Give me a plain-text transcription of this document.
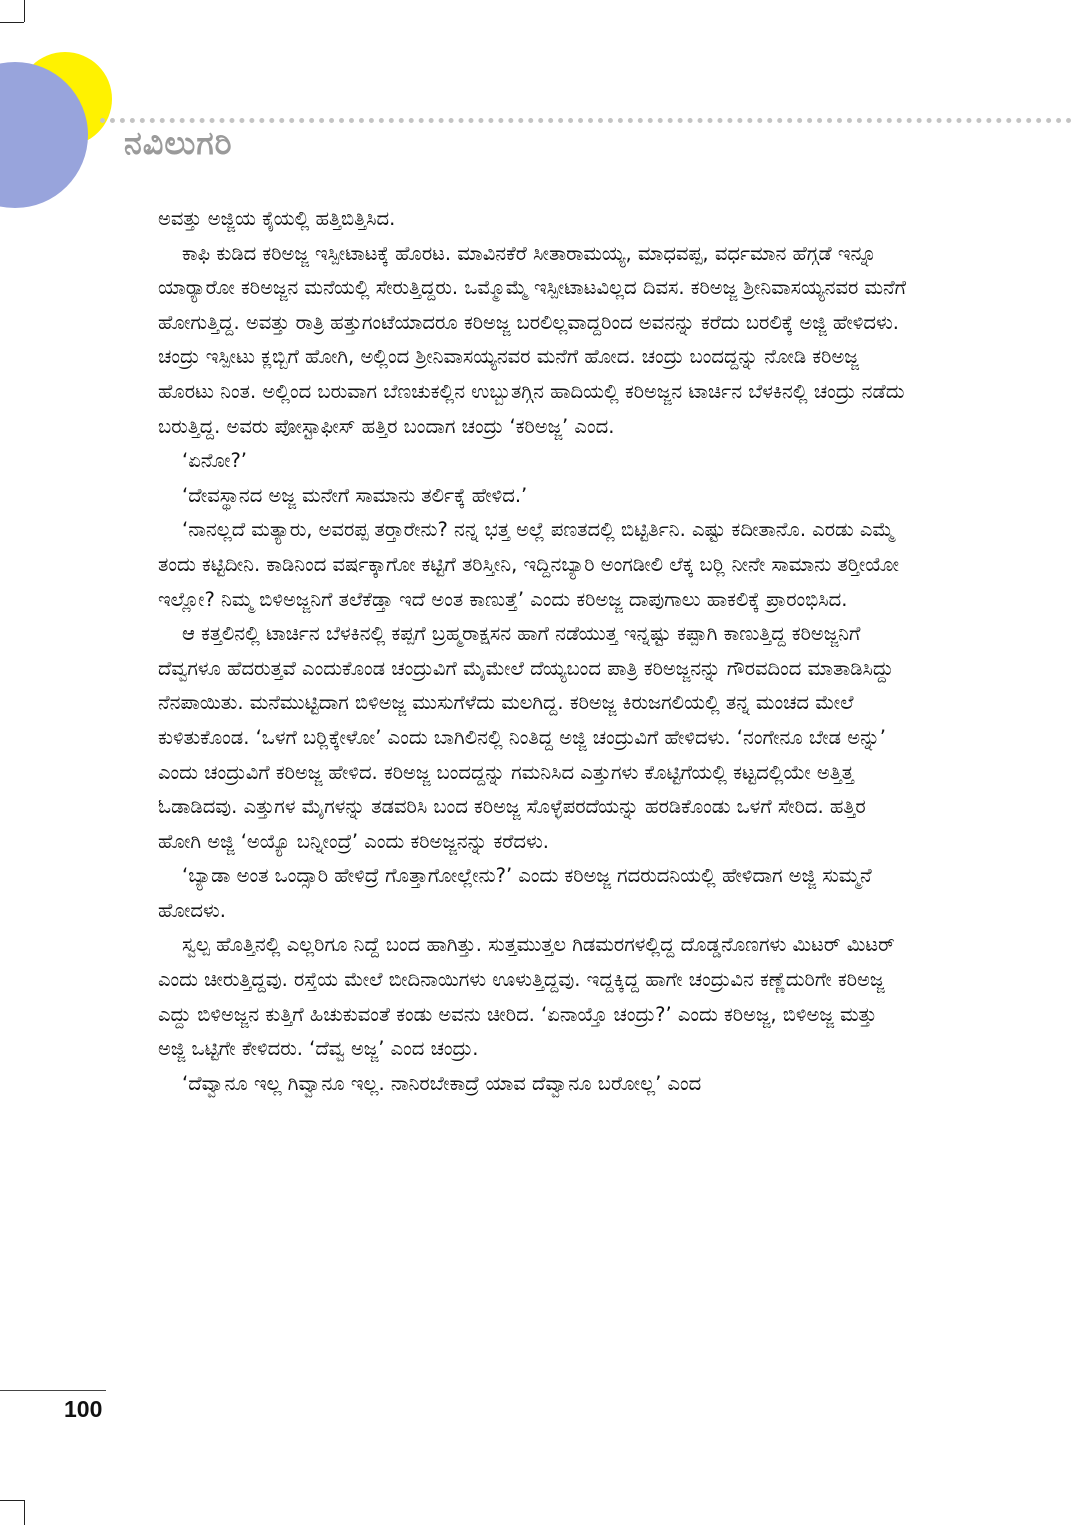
ನವಿಲುಗರಿ

ಅವತ್ತು ಅಜ್ಜಿಯ ಕೈಯಲ್ಲಿ ಹತ್ತಿಬಿತ್ತಿಸಿದ.

ಕಾಫಿ ಕುಡಿದ ಕರಿಅಜ್ಜ ಇಸ್ಪೀಟಾಟಕ್ಕೆ ಹೊರಟ. ಮಾವಿನಕೆರೆ ಸೀತಾರಾಮಯ್ಯ, ಮಾಧವಪ್ಪ, ವರ್ಧಮಾನ ಹೆಗ್ಗಡೆ ಇನ್ನೂ ಯಾರ್‍ಯಾರೋ ಕರಿಅಜ್ಜನ ಮನೆಯಲ್ಲಿ ಸೇರುತ್ತಿದ್ದರು. ಒಮ್ಮೊಮ್ಮೆ ಇಸ್ಪೀಟಾಟವಿಲ್ಲದ ದಿವಸ. ಕರಿಅಜ್ಜ ಶ್ರೀನಿವಾಸಯ್ಯನವರ ಮನೆಗೆ ಹೋಗುತ್ತಿದ್ದ. ಅವತ್ತು ರಾತ್ರಿ ಹತ್ತುಗಂಟೆಯಾದರೂ ಕರಿಅಜ್ಜ ಬರಲಿಲ್ಲವಾದ್ದರಿಂದ ಅವನನ್ನು ಕರೆದು ಬರಲಿಕ್ಕೆ ಅಜ್ಜಿ ಹೇಳಿದಳು. ಚಂದ್ರು ಇಸ್ಪೀಟು ಕ್ಲಬ್ಬಿಗೆ ಹೋಗಿ, ಅಲ್ಲಿಂದ ಶ್ರೀನಿವಾಸಯ್ಯನವರ ಮನೆಗೆ ಹೋದ. ಚಂದ್ರು ಬಂದದ್ದನ್ನು ನೋಡಿ ಕರಿಅಜ್ಜ ಹೊರಟು ನಿಂತ. ಅಲ್ಲಿಂದ ಬರುವಾಗ ಬೆಣಚುಕಲ್ಲಿನ ಉಬ್ಬುತಗ್ಗಿನ ಹಾದಿಯಲ್ಲಿ ಕರಿಅಜ್ಜನ ಟಾರ್ಚಿನ ಬೆಳಕಿನಲ್ಲಿ ಚಂದ್ರು ನಡೆದು ಬರುತ್ತಿದ್ದ. ಅವರು ಪೋಸ್ಟಾಫೀಸ್ ಹತ್ತಿರ ಬಂದಾಗ ಚಂದ್ರು ‘ಕರಿಅಜ್ಜ’ ಎಂದ.

‘ಏನೋ?’

‘ದೇವಸ್ಥಾನದ ಅಜ್ಜ ಮನೇಗೆ ಸಾಮಾನು ತರ್ಲಿಕ್ಕೆ ಹೇಳಿದ.’

‘ನಾನಲ್ಲದೆ ಮತ್ಯಾರು, ಅವರಪ್ಪ ತರ್‍ತಾರೇನು? ನನ್ನ ಭತ್ತ ಅಲ್ಲೆ ಪಣತದಲ್ಲಿ ಬಿಟ್ಟಿರ್ತಿನಿ. ಎಷ್ಟು ಕದೀತಾನೊ. ಎರಡು ಎಮ್ಮೆ ತಂದು ಕಟ್ಟಿದೀನಿ. ಕಾಡಿನಿಂದ ವರ್ಷಕ್ಕಾಗೋ ಕಟ್ಟಿಗೆ ತರಿಸ್ತೀನಿ, ಇದ್ದಿನಬ್ಯಾರಿ ಅಂಗಡೀಲಿ ಲೆಕ್ಕ ಬರ್‍ಲಿ ನೀನೇ ಸಾಮಾನು ತರ್‍ತೀಯೋ ಇಲ್ಲೋ? ನಿಮ್ಮ ಬಿಳಿಅಜ್ಜನಿಗೆ ತಲೆಕೆಡ್ತಾ ಇದೆ ಅಂತ ಕಾಣುತ್ತೆ’ ಎಂದು ಕರಿಅಜ್ಜ ದಾಪುಗಾಲು ಹಾಕಲಿಕ್ಕೆ ಪ್ರಾರಂಭಿಸಿದ.

ಆ ಕತ್ತಲಿನಲ್ಲಿ ಟಾರ್ಚಿನ ಬೆಳಕಿನಲ್ಲಿ ಕಪ್ಪಗೆ ಬ್ರಹ್ಮರಾಕ್ಷಸನ ಹಾಗೆ ನಡೆಯುತ್ತ ಇನ್ನಷ್ಟು ಕಪ್ಪಾಗಿ ಕಾಣುತ್ತಿದ್ದ ಕರಿಅಜ್ಜನಿಗೆ ದೆವ್ವಗಳೂ ಹೆದರುತ್ತವೆ ಎಂದುಕೊಂಡ ಚಂದ್ರುವಿಗೆ ಮೈಮೇಲೆ ದೆಯ್ಯಬಂದ ಪಾತ್ರಿ ಕರಿಅಜ್ಜನನ್ನು ಗೌರವದಿಂದ ಮಾತಾಡಿಸಿದ್ದು ನೆನಪಾಯಿತು. ಮನೆಮುಟ್ಟಿದಾಗ ಬಿಳಿಅಜ್ಜ ಮುಸುಗೆಳೆದು ಮಲಗಿದ್ದ. ಕರಿಅಜ್ಜ ಕಿರುಜಗಲಿಯಲ್ಲಿ ತನ್ನ ಮಂಚದ ಮೇಲೆ ಕುಳಿತುಕೊಂಡ. ‘ಒಳಗೆ ಬರ್‍ಲಿಕ್ಕೇಳೋ’ ಎಂದು ಬಾಗಿಲಿನಲ್ಲಿ ನಿಂತಿದ್ದ ಅಜ್ಜಿ ಚಂದ್ರುವಿಗೆ ಹೇಳಿದಳು. ‘ನಂಗೇನೂ ಬೇಡ ಅನ್ನು’ ಎಂದು ಚಂದ್ರುವಿಗೆ ಕರಿಅಜ್ಜ ಹೇಳಿದ. ಕರಿಅಜ್ಜ ಬಂದದ್ದನ್ನು ಗಮನಿಸಿದ ಎತ್ತುಗಳು ಕೊಟ್ಟಿಗೆಯಲ್ಲಿ ಕಟ್ಟದಲ್ಲಿಯೇ ಅತ್ತಿತ್ತ ಓಡಾಡಿದವು. ಎತ್ತುಗಳ ಮೈಗಳನ್ನು ತಡವರಿಸಿ ಬಂದ ಕರಿಅಜ್ಜ ಸೊಳ್ಳೆಪರದೆಯನ್ನು ಹರಡಿಕೊಂಡು ಒಳಗೆ ಸೇರಿದ. ಹತ್ತಿರ ಹೋಗಿ ಅಜ್ಜಿ ‘ಅಯ್ಯೊ ಬನ್ನೀಂದ್ರೆ’ ಎಂದು ಕರಿಅಜ್ಜನನ್ನು ಕರೆದಳು.

‘ಬ್ಯಾಡಾ ಅಂತ ಒಂದ್ಸಾರಿ ಹೇಳಿದ್ರೆ ಗೊತ್ತಾಗೋಲ್ಲೇನು?’ ಎಂದು ಕರಿಅಜ್ಜ ಗದರುದನಿಯಲ್ಲಿ ಹೇಳಿದಾಗ ಅಜ್ಜಿ ಸುಮ್ಮನೆ ಹೋದಳು.

ಸ್ವಲ್ಪ ಹೊತ್ತಿನಲ್ಲಿ ಎಲ್ಲರಿಗೂ ನಿದ್ದೆ ಬಂದ ಹಾಗಿತ್ತು. ಸುತ್ತಮುತ್ತಲ ಗಿಡಮರಗಳಲ್ಲಿದ್ದ ದೊಡ್ಡನೊಣಗಳು ಮಿಟರ್ ಮಿಟರ್ ಎಂದು ಚೀರುತ್ತಿದ್ದವು. ರಸ್ತೆಯ ಮೇಲೆ ಬೀದಿನಾಯಿಗಳು ಊಳುತ್ತಿದ್ದವು. ಇದ್ದಕ್ಕಿದ್ದ ಹಾಗೇ ಚಂದ್ರುವಿನ ಕಣ್ಣೆದುರಿಗೇ ಕರಿಅಜ್ಜ ಎದ್ದು ಬಿಳಿಅಜ್ಜನ ಕುತ್ತಿಗೆ ಹಿಚುಕುವಂತೆ ಕಂಡು ಅವನು ಚೀರಿದ. ‘ಏನಾಯ್ತೊ ಚಂದ್ರು?’ ಎಂದು ಕರಿಅಜ್ಜ, ಬಿಳಿಅಜ್ಜ ಮತ್ತು ಅಜ್ಜಿ ಒಟ್ಟಿಗೇ ಕೇಳಿದರು. ‘ದೆವ್ವ ಅಜ್ಜ’ ಎಂದ ಚಂದ್ರು.

‘ದೆವ್ವಾನೂ ಇಲ್ಲ ಗಿವ್ವಾನೂ ಇಲ್ಲ. ನಾನಿರಬೇಕಾದ್ರೆ ಯಾವ ದೆವ್ವಾನೂ ಬರೋಲ್ಲ’ ಎಂದ

100
